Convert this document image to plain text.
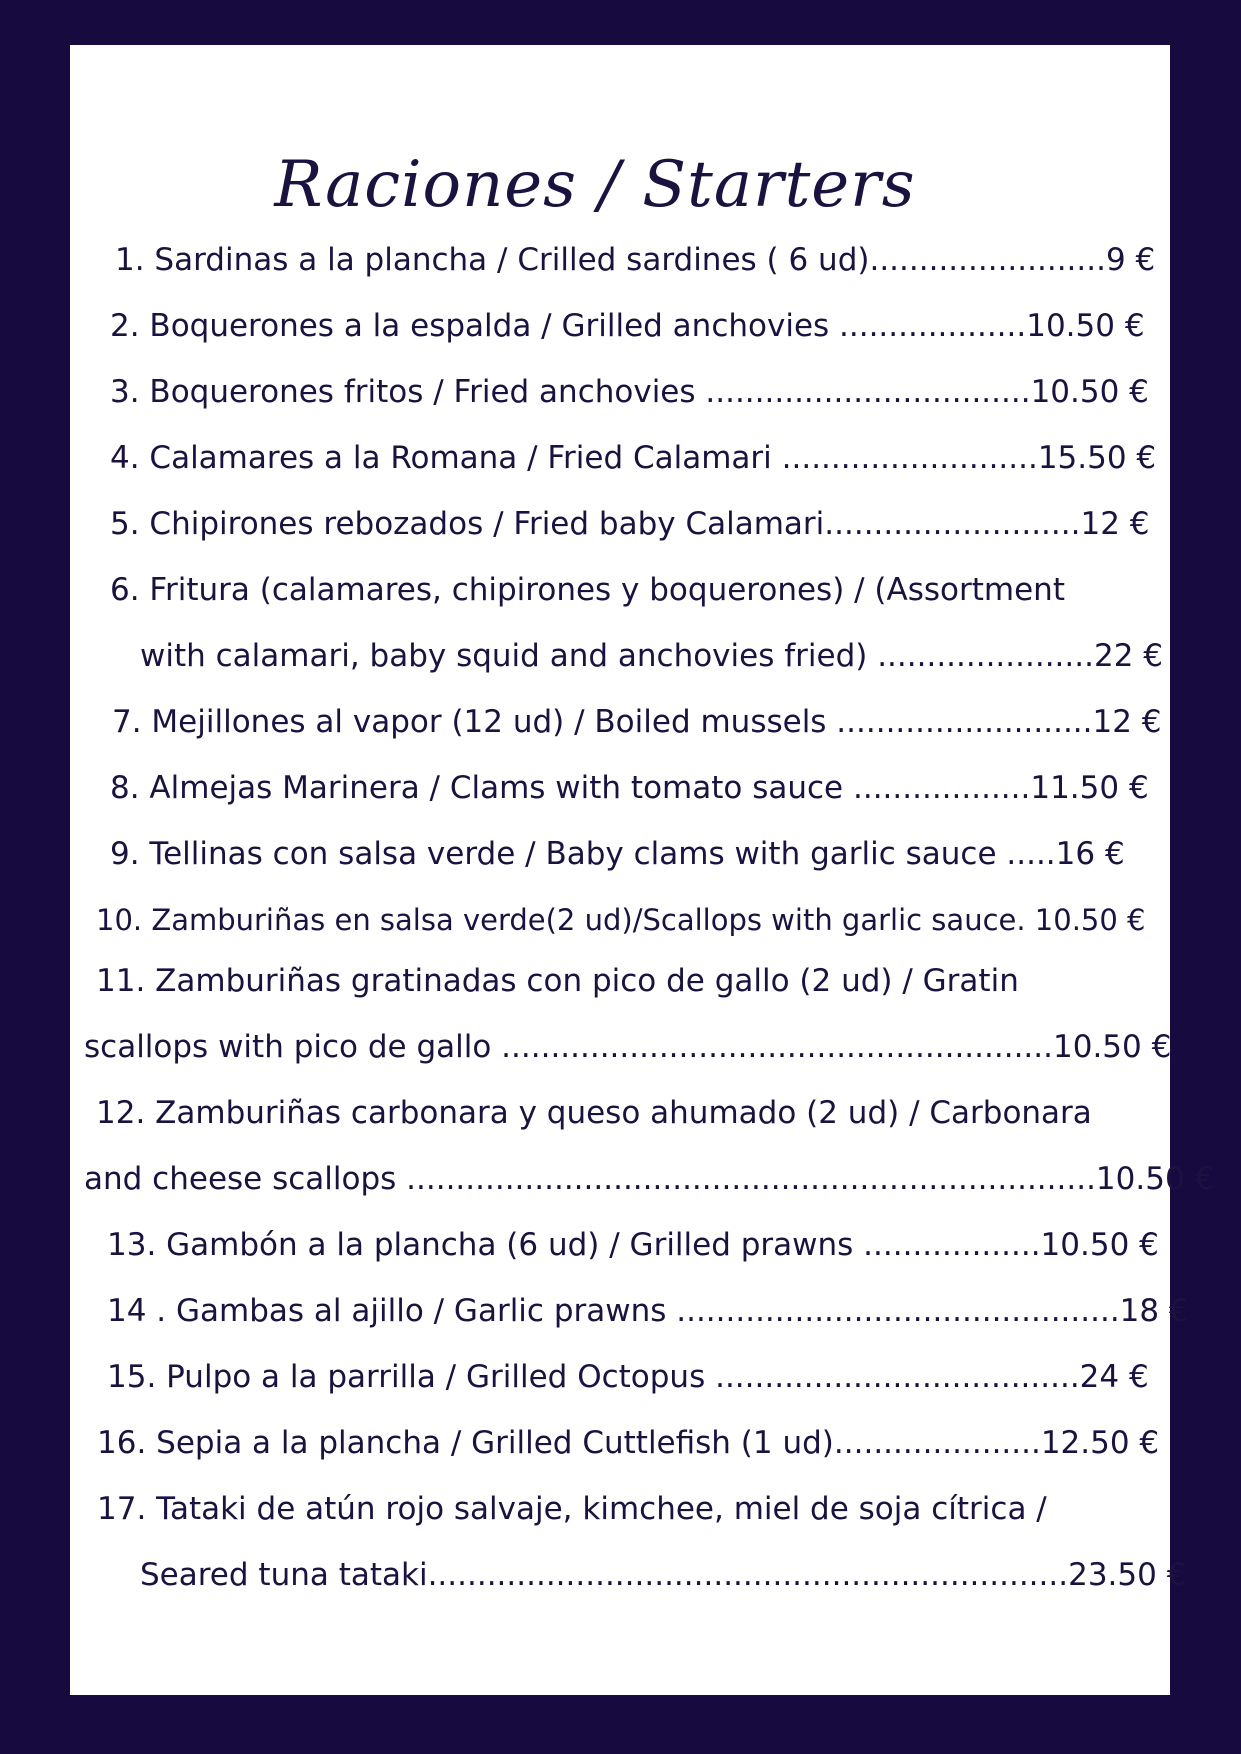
Raciones / Starters
1. Sardinas a la plancha / Crilled sardines ( 6 ud)........................9 €
2. Boquerones a la espalda / Grilled anchovies ...................10.50 €
3. Boquerones fritos / Fried anchovies .................................10.50 €
4. Calamares a la Romana / Fried Calamari ..........................15.50 €
5. Chipirones rebozados / Fried baby Calamari..........................12 €
6. Fritura (calamares, chipirones y boquerones) / (Assortment
with calamari, baby squid and anchovies fried) ......................22 €
7. Mejillones al vapor (12 ud) / Boiled mussels ..........................12 €
8. Almejas Marinera / Clams with tomato sauce ..................11.50 €
9. Tellinas con salsa verde / Baby clams with garlic sauce .....16 €
10. Zamburiñas en salsa verde(2 ud)/Scallops with garlic sauce. 10.50 €
11. Zamburiñas gratinadas con pico de gallo (2 ud) / Gratin
scallops with pico de gallo ........................................................10.50 €
12. Zamburiñas carbonara y queso ahumado (2 ud) / Carbonara
and cheese scallops ......................................................................10.50 €
13. Gambón a la plancha (6 ud) / Grilled prawns ..................10.50 €
14 . Gambas al ajillo / Garlic prawns .............................................18 €
15. Pulpo a la parrilla / Grilled Octopus .....................................24 €
16. Sepia a la plancha / Grilled Cuttlefish (1 ud).....................12.50 €
17. Tataki de atún rojo salvaje, kimchee, miel de soja cítrica /
Seared tuna tataki.................................................................23.50 €
